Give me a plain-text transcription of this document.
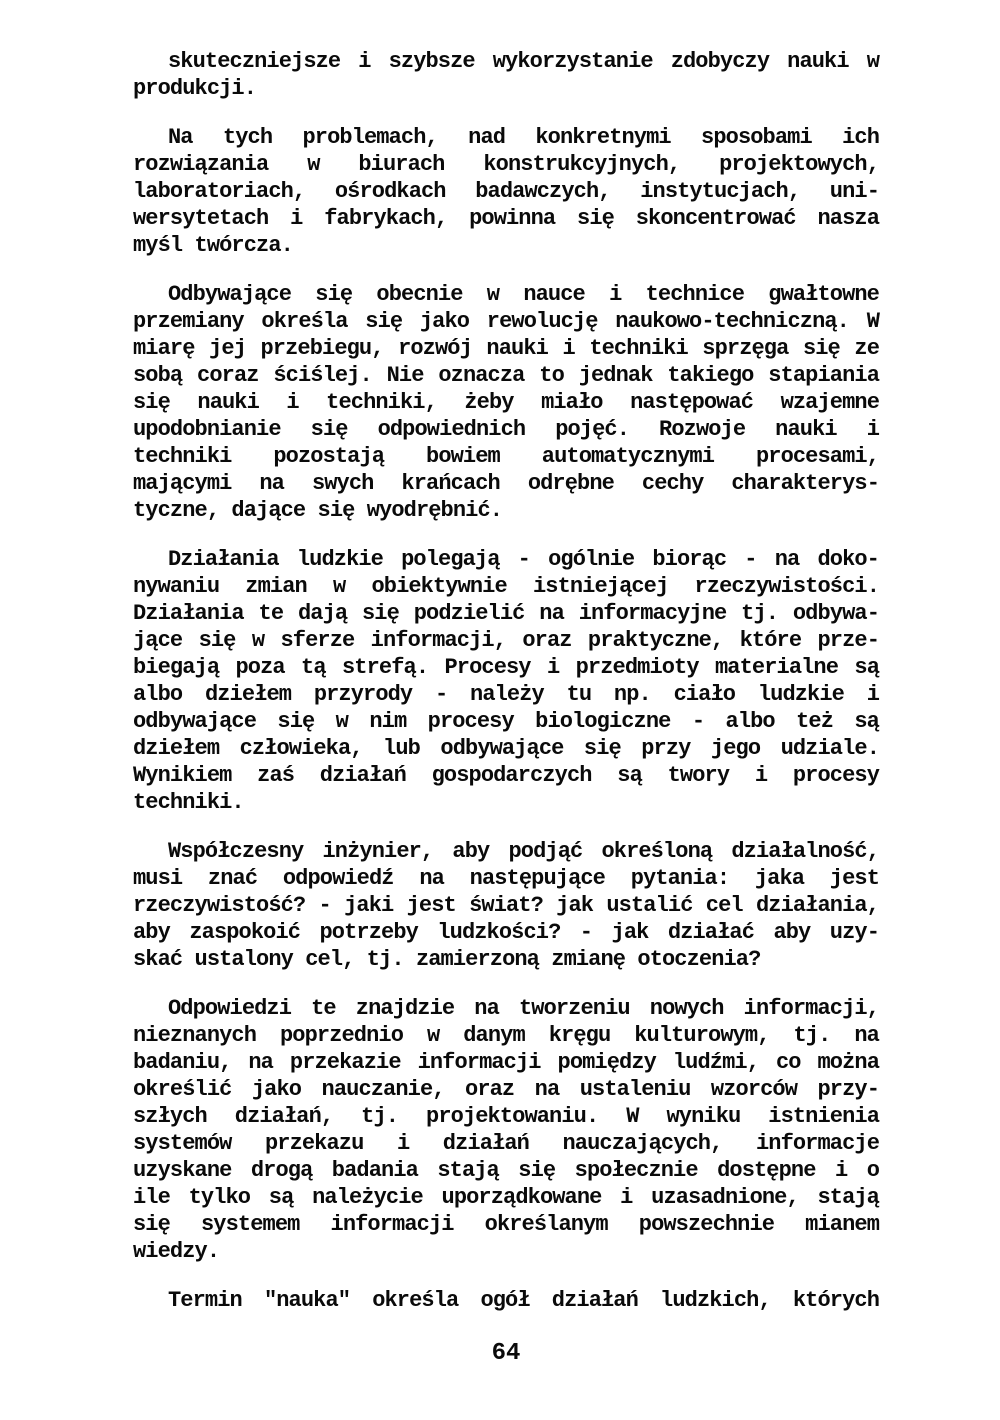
skuteczniejsze i szybsze wykorzystanie zdobyczy nauki w
produkcji.
Na tych problemach, nad konkretnymi sposobami ich
rozwiązania w biurach konstrukcyjnych, projektowych,
laboratoriach, ośrodkach badawczych, instytucjach, uni-
wersytetach i fabrykach, powinna się skoncentrować nasza
myśl twórcza.
Odbywające się obecnie w nauce i technice gwałtowne
przemiany określa się jako rewolucję naukowo-techniczną. W
miarę jej przebiegu, rozwój nauki i techniki sprzęga się ze
sobą coraz ściślej. Nie oznacza to jednak takiego stapiania
się nauki i techniki, żeby miało następować wzajemne
upodobnianie się odpowiednich pojęć. Rozwoje nauki i
techniki pozostają bowiem automatycznymi procesami,
mającymi na swych krańcach odrębne cechy charakterys-
tyczne, dające się wyodrębnić.
Działania ludzkie polegają - ogólnie biorąc - na doko-
nywaniu zmian w obiektywnie istniejącej rzeczywistości.
Działania te dają się podzielić na informacyjne tj. odbywa-
jące się w sferze informacji, oraz praktyczne, które prze-
biegają poza tą strefą. Procesy i przedmioty materialne są
albo dziełem przyrody - należy tu np. ciało ludzkie i
odbywające się w nim procesy biologiczne - albo też są
dziełem człowieka, lub odbywające się przy jego udziale.
Wynikiem zaś działań gospodarczych są twory i procesy
techniki.
Współczesny inżynier, aby podjąć określoną działalność,
musi znać odpowiedź na następujące pytania: jaka jest
rzeczywistość? - jaki jest świat? jak ustalić cel działania,
aby zaspokoić potrzeby ludzkości? - jak działać aby uzy-
skać ustalony cel, tj. zamierzoną zmianę otoczenia?
Odpowiedzi te znajdzie na tworzeniu nowych informacji,
nieznanych poprzednio w danym kręgu kulturowym, tj. na
badaniu, na przekazie informacji pomiędzy ludźmi, co można
określić jako nauczanie, oraz na ustaleniu wzorców przy-
szłych działań, tj. projektowaniu. W wyniku istnienia
systemów przekazu i działań nauczających, informacje
uzyskane drogą badania stają się społecznie dostępne i o
ile tylko są należycie uporządkowane i uzasadnione, stają
się systemem informacji określanym powszechnie mianem
wiedzy.
Termin "nauka" określa ogół działań ludzkich, których
64
